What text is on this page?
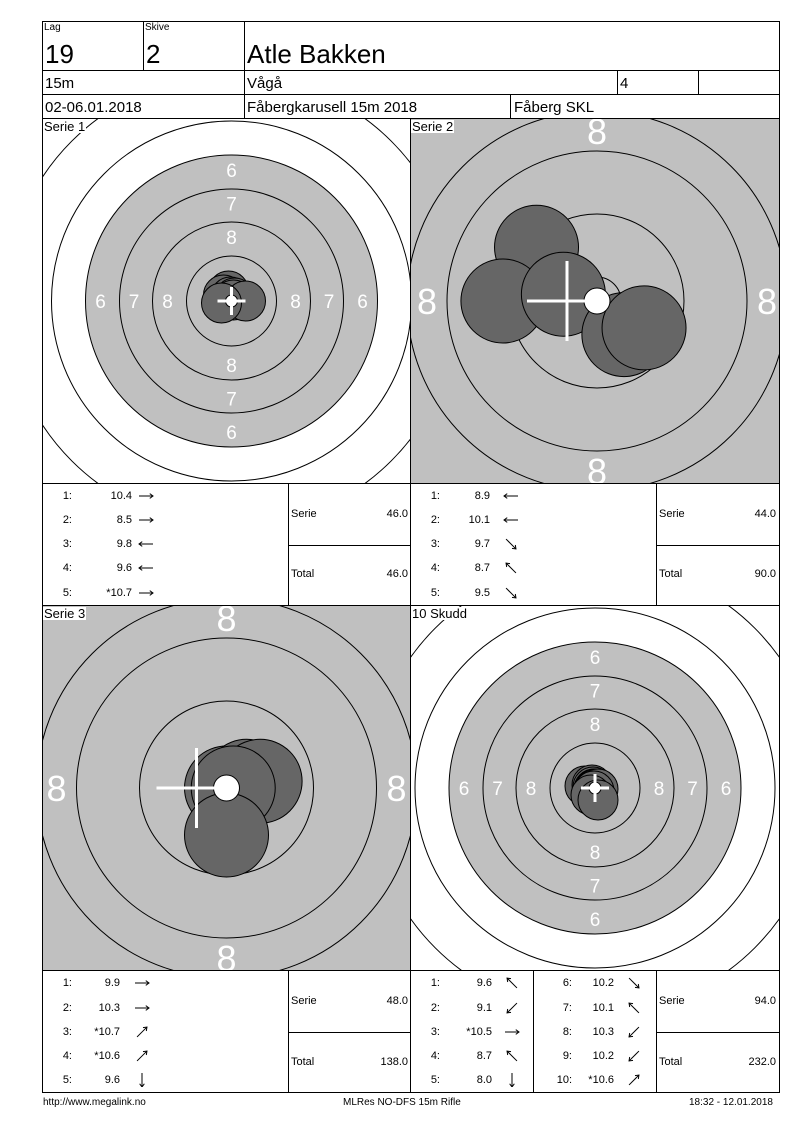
Lag
19
Skive
2	Atle Bakken
15m	Vågå	4
02-06.01.2018	Fåbergkarusell 15m 2018	Fåberg SKL
6
6
6	6
7
7
7	7
8
8
8	8
8
8
8	8
8
8
8	8
6
6
6	6
7
7
7	7
8
8
8	8
Serie 1	Serie 2
Serie 3	10 Skudd
1:	10.4
2:	8.5
3:	9.8
4:	9.6
5:	*10.7
Serie	46.0
Total	46.0
1:	8.9
2:	10.1
3:	9.7
4:	8.7
5:	9.5
Serie	44.0
Total	90.0
1:	9.9
2:	10.3
3:	*10.7
4:	*10.6
5:	9.6
Serie	48.0
Total	138.0
1:	9.6
2:	9.1
3:	*10.5
4:	8.7
5:	8.0
6:	10.2
7:	10.1
8:	10.3
9:	10.2
10:	*10.6
Serie	94.0
Total	232.0
http://www.megalink.no	MLRes NO-DFS 15m Rifle	18:32 - 12.01.2018
